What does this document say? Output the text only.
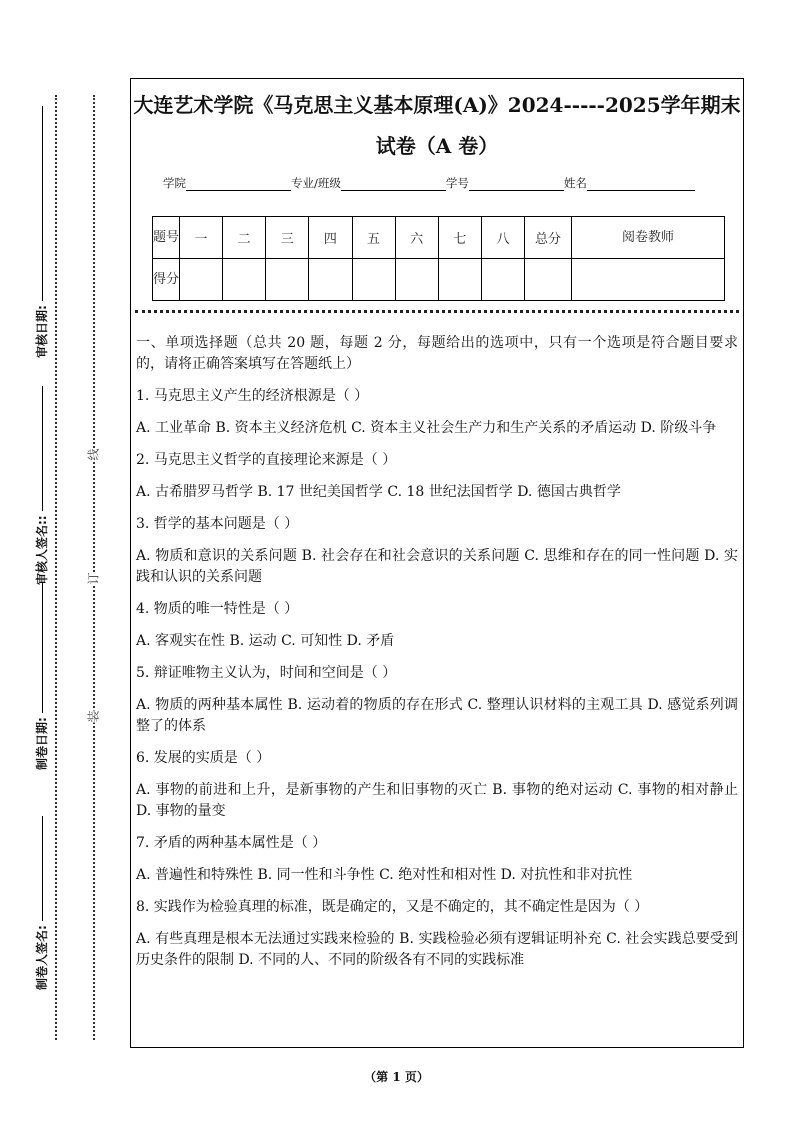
制卷人签名:
制卷日期:
审核人签名::
审核日期:
装
订
线
大连艺术学院《马克思主义基本原理(A)》2024-----2025学年期末
试卷（A 卷）
学院	专业/班级	学号	姓名
题号	一	二	三	四	五	六	七	八	总分	阅卷教师
得分										

一、单项选择题（总共 20 题，每题 2 分，每题给出的选项中，只有一个选项是符合题目要求的，请将正确答案填写在答题纸上）

1. 马克思主义产生的经济根源是（ ）

A. 工业革命 B. 资本主义经济危机 C. 资本主义社会生产力和生产关系的矛盾运动 D. 阶级斗争

2. 马克思主义哲学的直接理论来源是（ ）

A. 古希腊罗马哲学 B. 17 世纪美国哲学 C. 18 世纪法国哲学 D. 德国古典哲学

3. 哲学的基本问题是（ ）

A. 物质和意识的关系问题 B. 社会存在和社会意识的关系问题 C. 思维和存在的同一性问题 D. 实践和认识的关系问题

4. 物质的唯一特性是（ ）

A. 客观实在性 B. 运动 C. 可知性 D. 矛盾

5. 辩证唯物主义认为，时间和空间是（ ）

A. 物质的两种基本属性 B. 运动着的物质的存在形式 C. 整理认识材料的主观工具 D. 感觉系列调整了的体系

6. 发展的实质是（ ）

A. 事物的前进和上升，是新事物的产生和旧事物的灭亡 B. 事物的绝对运动 C. 事物的相对静止 D. 事物的量变

7. 矛盾的两种基本属性是（ ）

A. 普遍性和特殊性 B. 同一性和斗争性 C. 绝对性和相对性 D. 对抗性和非对抗性

8. 实践作为检验真理的标准，既是确定的，又是不确定的，其不确定性是因为（ ）

A. 有些真理是根本无法通过实践来检验的 B. 实践检验必须有逻辑证明补充 C. 社会实践总要受到历史条件的限制 D. 不同的人、不同的阶级各有不同的实践标准

（第 1 页）
